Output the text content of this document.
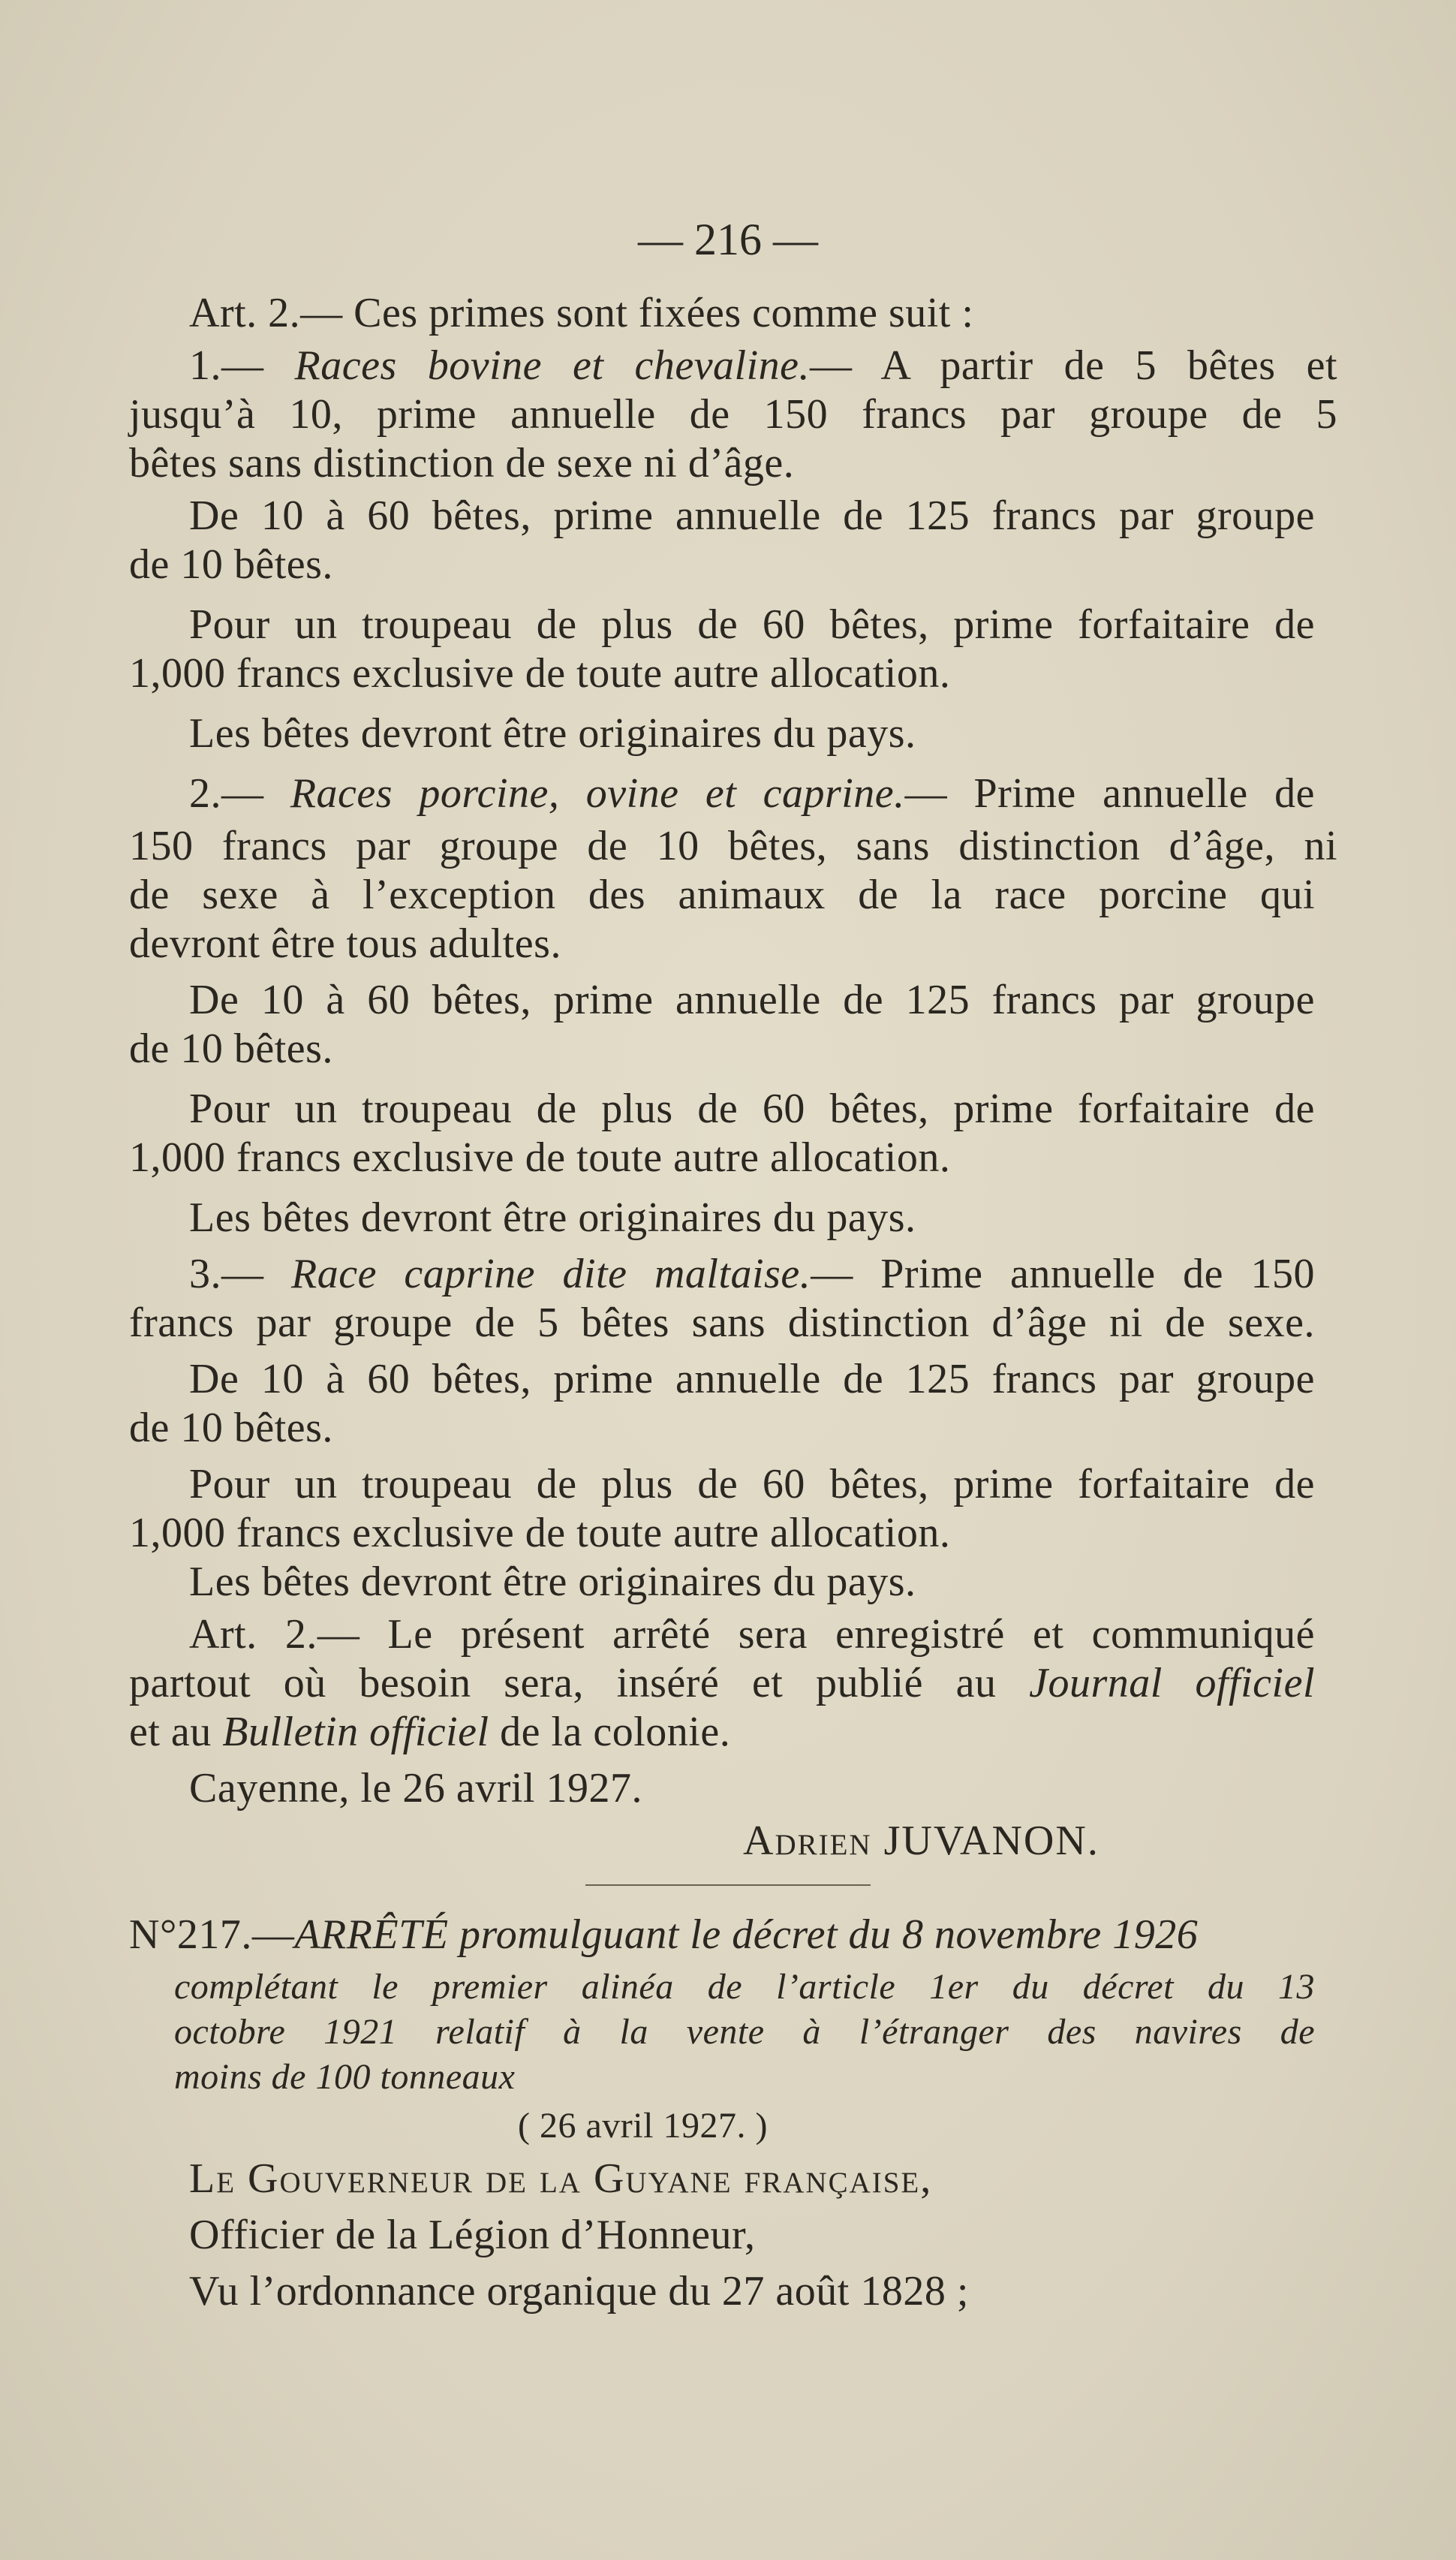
— 216 —
Art. 2.— Ces primes sont fixées comme suit :
1.— Races bovine et chevaline.— A partir de 5 bêtes et
jusqu’à 10, prime annuelle de 150 francs par groupe de 5
bêtes sans distinction de sexe ni d’âge.
De 10 à 60 bêtes, prime annuelle de 125 francs par groupe
de 10 bêtes.
Pour un troupeau de plus de 60 bêtes, prime forfaitaire de
1,000 francs exclusive de toute autre allocation.
Les bêtes devront être originaires du pays.
2.— Races porcine, ovine et caprine.— Prime annuelle de
150 francs par groupe de 10 bêtes, sans distinction d’âge, ni
de sexe à l’exception des animaux de la race porcine qui
devront être tous adultes.
De 10 à 60 bêtes, prime annuelle de 125 francs par groupe
de 10 bêtes.
Pour un troupeau de plus de 60 bêtes, prime forfaitaire de
1,000 francs exclusive de toute autre allocation.
Les bêtes devront être originaires du pays.
3.— Race caprine dite maltaise.— Prime annuelle de 150
francs par groupe de 5 bêtes sans distinction d’âge ni de sexe.
De 10 à 60 bêtes, prime annuelle de 125 francs par groupe
de 10 bêtes.
Pour un troupeau de plus de 60 bêtes, prime forfaitaire de
1,000 francs exclusive de toute autre allocation.
Les bêtes devront être originaires du pays.
Art. 2.— Le présent arrêté sera enregistré et communiqué
partout où besoin sera, inséré et publié au Journal officiel
et au Bulletin officiel de la colonie.
Cayenne, le 26 avril 1927.
Adrien JUVANON.
N°217.—ARRÊTÉ promulguant le décret du 8 novembre 1926
complétant le premier alinéa de l’article 1er du décret du 13
octobre 1921 relatif à la vente à l’étranger des navires de
moins de 100 tonneaux
( 26 avril 1927. )
Le Gouverneur de la Guyane française,
Officier de la Légion d’Honneur,
Vu l’ordonnance organique du 27 août 1828 ;
